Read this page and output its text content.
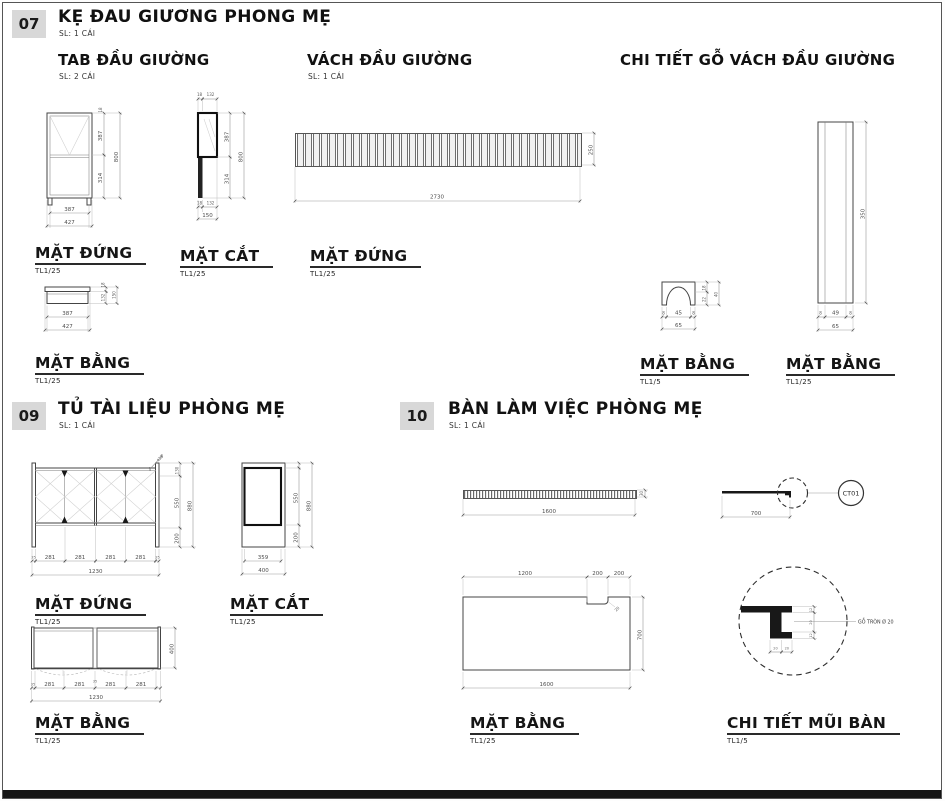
07	KẸ ĐAU GIƯƠNG PHONG MẸ
SL: 1 CÁI
TAB ĐẦU GIƯỜNG
SL: 2 CÁI
VÁCH ĐẦU GIƯỜNG
SL: 1 CÁI
CHI TIẾT GỖ VÁCH ĐẦU GIƯỜNG
09	TỦ TÀI LIỆU PHÒNG MẸ
SL: 1 CÁI
10	BÀN LÀM VIỆC PHÒNG MẸ
SL: 1 CÁI
MẶT ĐỨNG
TL1/25
MẶT CẮT
TL1/25
MẶT ĐỨNG
TL1/25
MẶT BẰNG
TL1/25
MẶT BẰNG
TL1/5
MẶT BẰNG
TL1/25
MẶT ĐỨNG
TL1/25
MẶT CẮT
TL1/25
MẶT BẰNG
TL1/25
MẶT BẰNG
TL1/25
CHI TIẾT MŨI BÀN
TL1/5
18
387
314
800
387
427
18 132
387
314
800
18 132
150
2730
250
18
132 150
387
427
18
22
40
8 45	8
65
350
8 49	8
65
429
130
550
200
880
35 281	281	281	281	35
1230
550
200
880
359
400
400
35 281	281
35
281	281
1230
1600
30	CT01
700
1200	200 200
20
700
1600
GỖ TRÒN Ø 20
12
20
12
20 20
